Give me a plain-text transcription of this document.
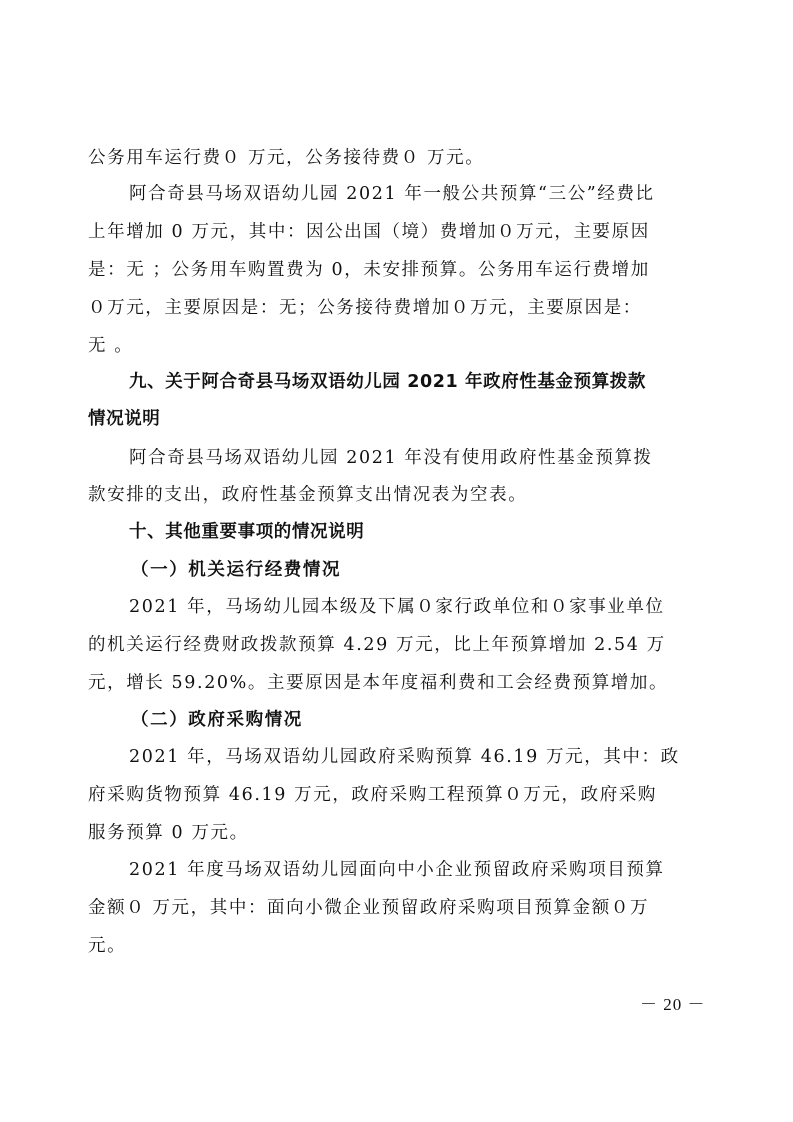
公务用车运行费０ 万元，公务接待费０ 万元。
阿合奇县马场双语幼儿园 2021 年一般公共预算“三公”经费比
上年增加 0 万元，其中：因公出国（境）费增加０万元，主要原因
是：无 ；公务用车购置费为 0，未安排预算。公务用车运行费增加
０万元，主要原因是：无；公务接待费增加０万元，主要原因是：
无 。
九、关于阿合奇县马场双语幼儿园 2021 年政府性基金预算拨款
情况说明
阿合奇县马场双语幼儿园 2021 年没有使用政府性基金预算拨
款安排的支出，政府性基金预算支出情况表为空表。
十、其他重要事项的情况说明
（一）机关运行经费情况
2021 年，马场幼儿园本级及下属０家行政单位和０家事业单位
的机关运行经费财政拨款预算 4.29 万元，比上年预算增加 2.54 万
元，增长 59.20%。主要原因是本年度福利费和工会经费预算增加。
（二）政府采购情况
2021 年，马场双语幼儿园政府采购预算 46.19 万元，其中：政
府采购货物预算 46.19 万元，政府采购工程预算０万元，政府采购
服务预算 0 万元。
2021 年度马场双语幼儿园面向中小企业预留政府采购项目预算
金额０ 万元，其中：面向小微企业预留政府采购项目预算金额０万
元。
－ 20 －
